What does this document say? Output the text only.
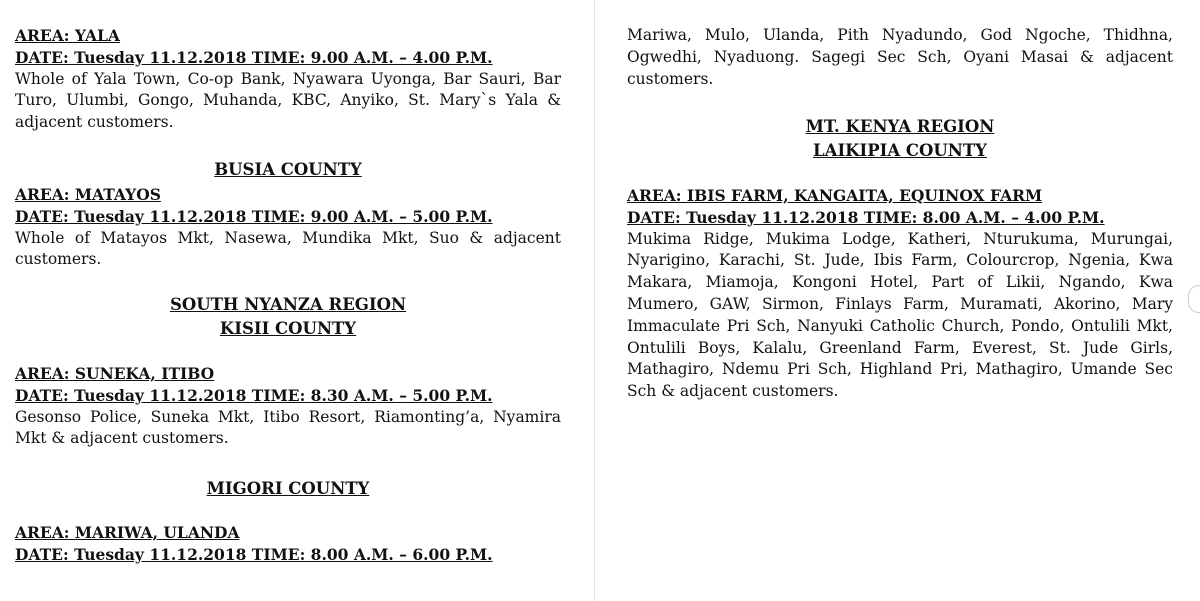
AREA: YALA
DATE: Tuesday 11.12.2018 TIME: 9.00 A.M. – 4.00 P.M.

Whole of Yala Town, Co-op Bank, Nyawara Uyonga, Bar Sauri, Bar Turo, Ulumbi, Gongo, Muhanda, KBC, Anyiko, St. Mary`s Yala & adjacent customers.

BUSIA COUNTY
AREA: MATAYOS
DATE: Tuesday 11.12.2018 TIME: 9.00 A.M. – 5.00 P.M.

Whole of Matayos Mkt, Nasewa, Mundika Mkt, Suo & adjacent customers.

SOUTH NYANZA REGION
KISII COUNTY
AREA: SUNEKA, ITIBO
DATE: Tuesday 11.12.2018 TIME: 8.30 A.M. – 5.00 P.M.

Gesonso Police, Suneka Mkt, Itibo Resort, Riamonting’a, Nyamira Mkt & adjacent customers.

MIGORI COUNTY
AREA: MARIWA, ULANDA
DATE: Tuesday 11.12.2018 TIME: 8.00 A.M. – 6.00 P.M.

Mariwa, Mulo, Ulanda, Pith Nyadundo, God Ngoche, Thidhna, Ogwedhi, Nyaduong. Sagegi Sec Sch, Oyani Masai & adjacent customers.

MT. KENYA REGION
LAIKIPIA COUNTY
AREA: IBIS FARM, KANGAITA, EQUINOX FARM
DATE: Tuesday 11.12.2018 TIME: 8.00 A.M. – 4.00 P.M.

Mukima Ridge, Mukima Lodge, Katheri, Nturukuma, Murungai, Nyarigino, Karachi, St. Jude, Ibis Farm, Colourcrop, Ngenia, Kwa Makara, Miamoja, Kongoni Hotel, Part of Likii, Ngando, Kwa Mumero, GAW, Sirmon, Finlays Farm, Muramati, Akorino, Mary Immaculate Pri Sch, Nanyuki Catholic Church, Pondo, Ontulili Mkt, Ontulili Boys, Kalalu, Greenland Farm, Everest, St. Jude Girls, Mathagiro, Ndemu Pri Sch, Highland Pri, Mathagiro, Umande Sec Sch & adjacent customers.
